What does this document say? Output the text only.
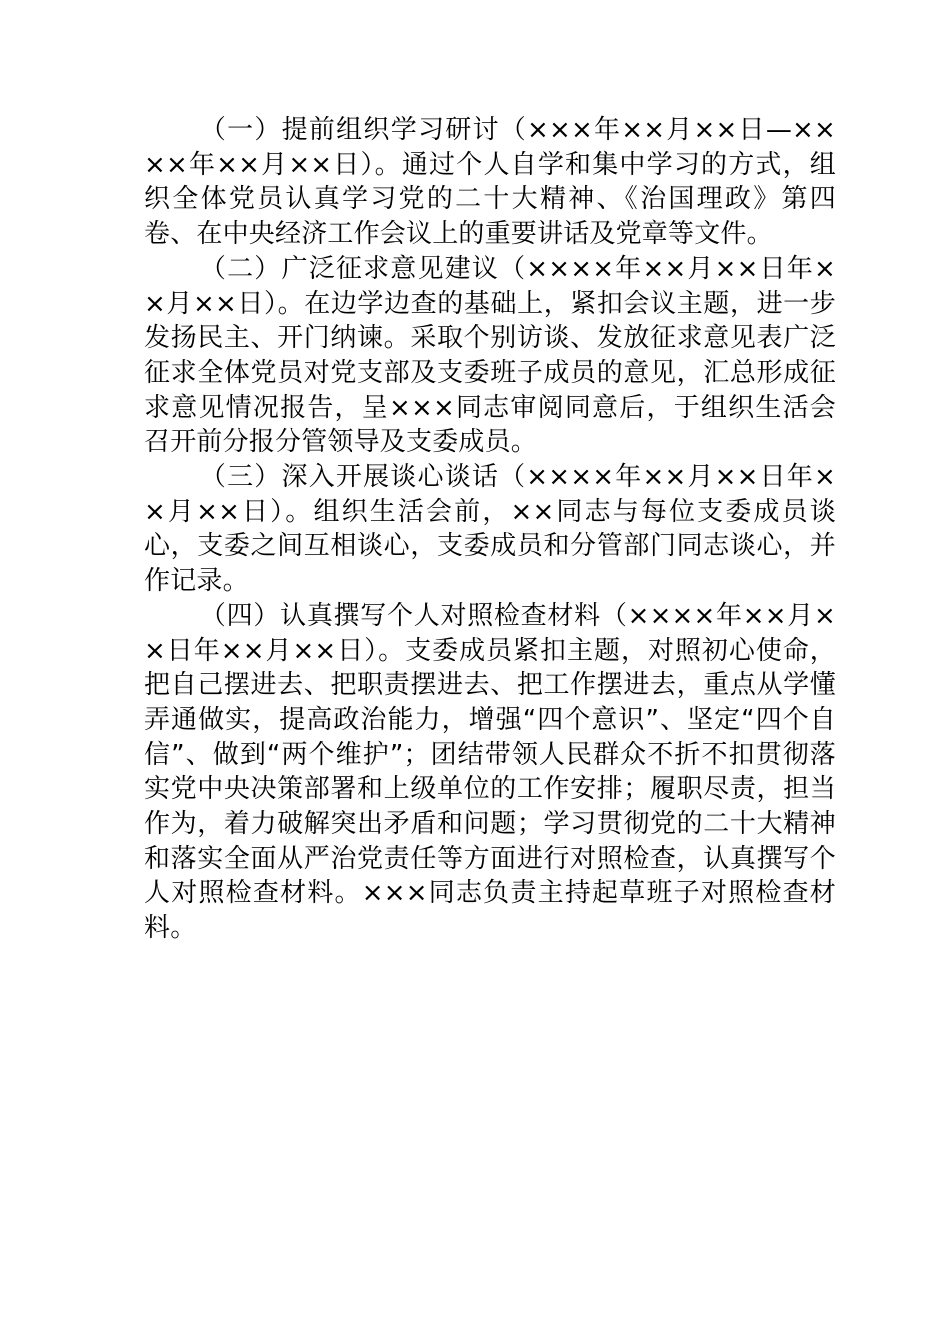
（一）提前组织学习研讨（×××年××月××日—××××年××月××日）。通过个人自学和集中学习的方式，组织全体党员认真学习党的二十大精神、《治国理政》第四卷、在中央经济工作会议上的重要讲话及党章等文件。

（二）广泛征求意见建议（××××年××月××日年××月××日）。在边学边查的基础上，紧扣会议主题，进一步发扬民主、开门纳谏。采取个别访谈、发放征求意见表广泛征求全体党员对党支部及支委班子成员的意见，汇总形成征求意见情况报告，呈×××同志审阅同意后，于组织生活会召开前分报分管领导及支委成员。

（三）深入开展谈心谈话（××××年××月××日年××月××日）。组织生活会前，××同志与每位支委成员谈心，支委之间互相谈心，支委成员和分管部门同志谈心，并作记录。

（四）认真撰写个人对照检查材料（××××年××月××日年××月××日）。支委成员紧扣主题，对照初心使命，把自己摆进去、把职责摆进去、把工作摆进去，重点从学懂弄通做实，提高政治能力，增强“四个意识”、坚定“四个自信”、做到“两个维护”；团结带领人民群众不折不扣贯彻落实党中央决策部署和上级单位的工作安排；履职尽责，担当作为，着力破解突出矛盾和问题；学习贯彻党的二十大精神和落实全面从严治党责任等方面进行对照检查，认真撰写个人对照检查材料。×××同志负责主持起草班子对照检查材料。
